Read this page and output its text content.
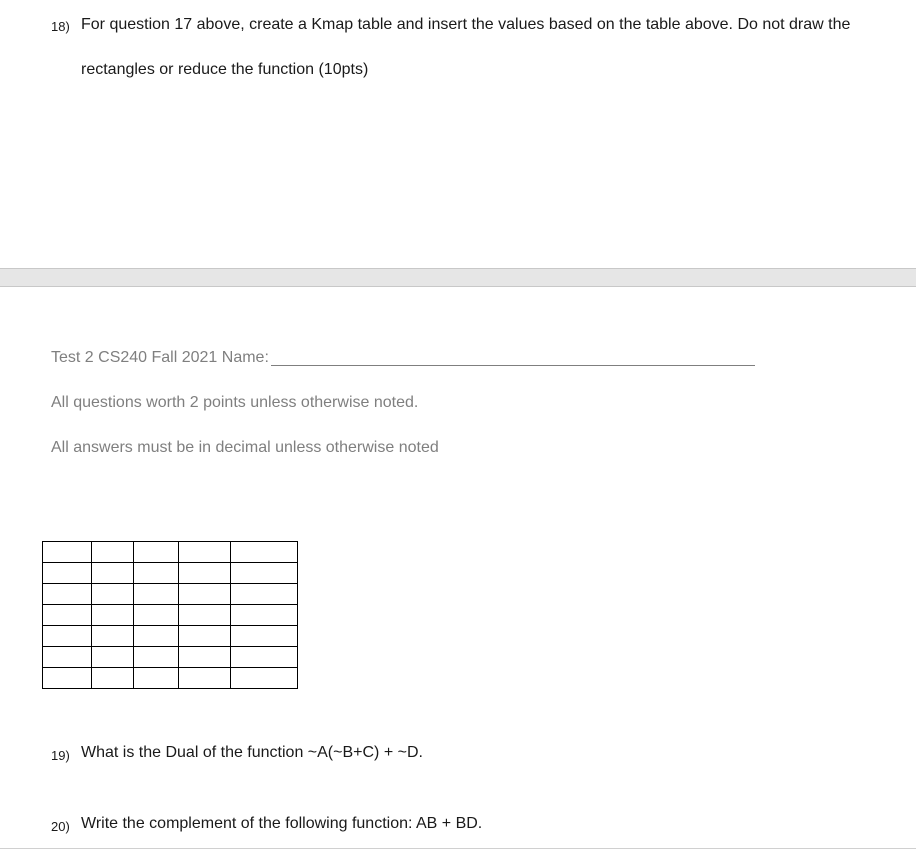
18) For question 17 above, create a Kmap table and insert the values based on the table above. Do not draw the
rectangles or reduce the function (10pts)
Test 2 CS240 Fall 2021 Name:
All questions worth 2 points unless otherwise noted.
All answers must be in decimal unless otherwise noted

19) What is the Dual of the function ~A(~B+C) + ~D.
20) Write the complement of the following function: AB + BD.
